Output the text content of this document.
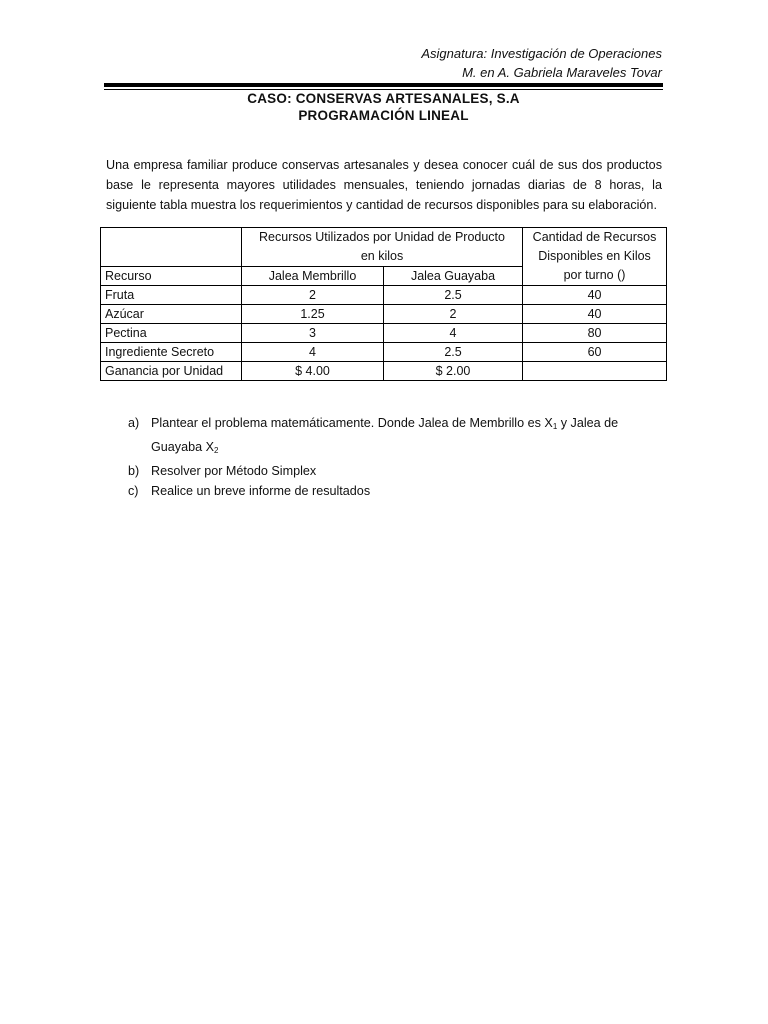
Asignatura: Investigación de Operaciones
M. en A. Gabriela Maraveles Tovar
CASO: CONSERVAS ARTESANALES, S.A
PROGRAMACIÓN LINEAL

Una empresa familiar produce conservas artesanales y desea conocer cuál de sus dos productos base le representa mayores utilidades mensuales, teniendo jornadas diarias de 8 horas, la siguiente tabla muestra los requerimientos y cantidad de recursos disponibles para su elaboración.

	Recursos Utilizados por Unidad de Producto en kilos		Cantidad de Recursos Disponibles en Kilos por turno ()

Recurso	Jalea Membrillo	Jalea Guayaba	
Fruta	2	2.5	40
Azúcar	1.25	2	40
Pectina	3	4	80
Ingrediente Secreto	4	2.5	60
Ganancia por Unidad	$ 4.00	$ 2.00	
a) Plantear el problema matemáticamente. Donde Jalea de Membrillo es $X_1$ y Jalea de Guayaba $X_2$
b) Resolver por Método Simplex
c) Realice un breve informe de resultados
